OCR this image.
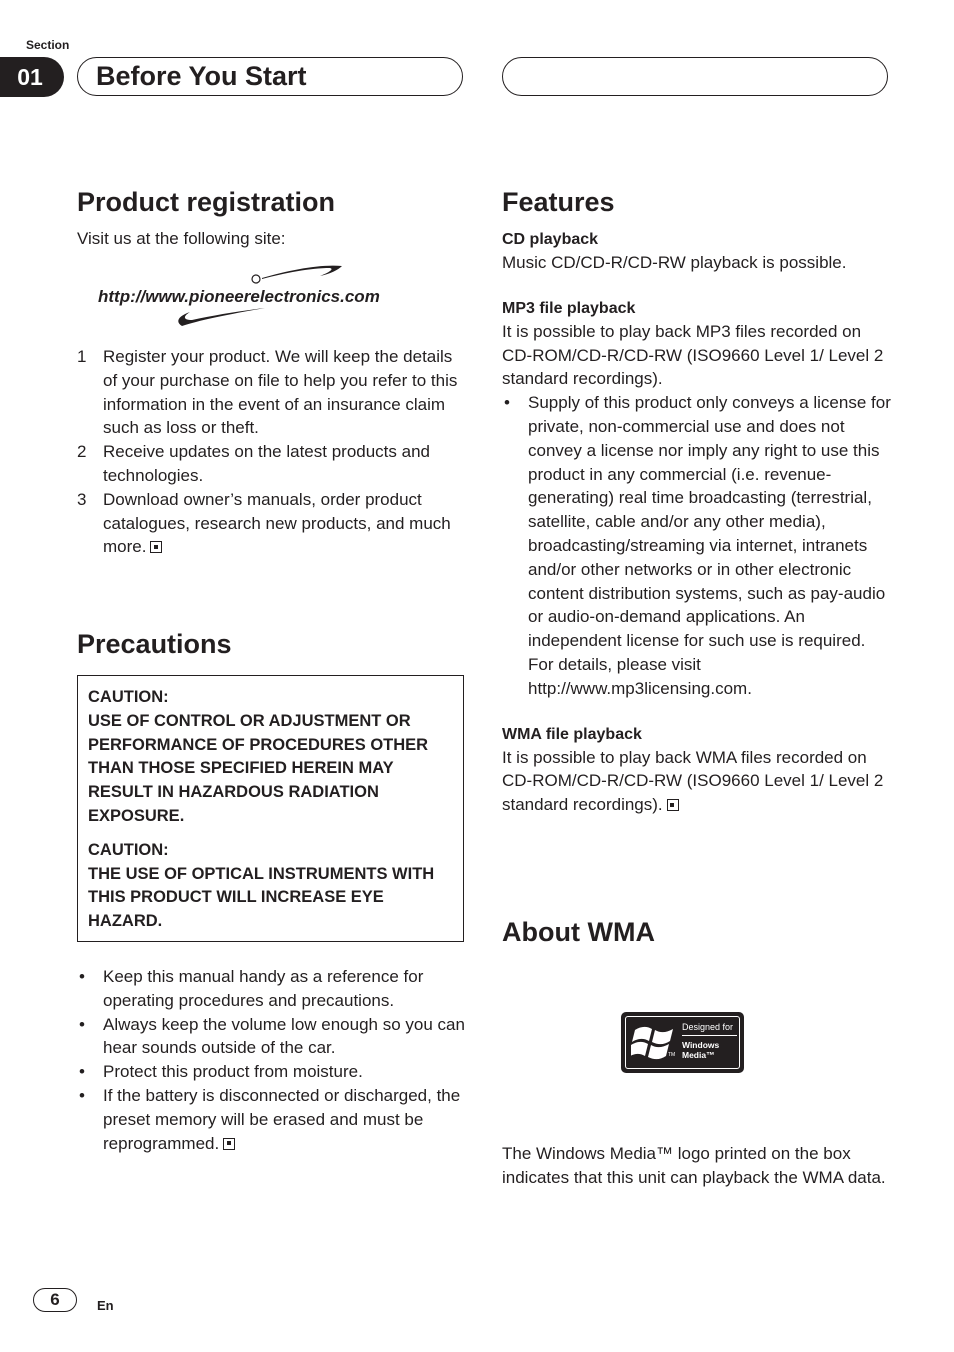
Section
01	Before You Start
Product registration
Visit us at the following site:
http://www.pioneerelectronics.com
1 Register your product. We will keep the details of your purchase on file to help you refer to this information in the event of an insurance claim such as loss or theft.
2 Receive updates on the latest products and technologies.
3 Download owner’s manuals, order product catalogues, research new products, and much more.
Precautions
CAUTION:
USE OF CONTROL OR ADJUSTMENT OR PERFORMANCE OF PROCEDURES OTHER THAN THOSE SPECIFIED HEREIN MAY RESULT IN HAZARDOUS RADIATION EXPOSURE.
CAUTION:
THE USE OF OPTICAL INSTRUMENTS WITH THIS PRODUCT WILL INCREASE EYE HAZARD.
• Keep this manual handy as a reference for operating procedures and precautions.
• Always keep the volume low enough so you can hear sounds outside of the car.
• Protect this product from moisture.
• If the battery is disconnected or discharged, the preset memory will be erased and must be reprogrammed.
Features
CD playback
Music CD/CD-R/CD-RW playback is possible.
MP3 file playback
It is possible to play back MP3 files recorded on CD-ROM/CD-R/CD-RW (ISO9660 Level 1/ Level 2 standard recordings).
• Supply of this product only conveys a license for private, non-commercial use and does not convey a license nor imply any right to use this product in any commercial (i.e. revenue-generating) real time broadcasting (terrestrial, satellite, cable and/or any other media), broadcasting/streaming via internet, intranets and/or other networks or in other electronic content distribution systems, such as pay-audio or audio-on-demand applications. An independent license for such use is required. For details, please visit http://www.mp3licensing.com.
WMA file playback
It is possible to play back WMA files recorded on CD-ROM/CD-R/CD-RW (ISO9660 Level 1/ Level 2 standard recordings).
About WMA
TM
Designed for
Windows
Media™
The Windows Media™ logo printed on the box indicates that this unit can playback the WMA data.
6	En
